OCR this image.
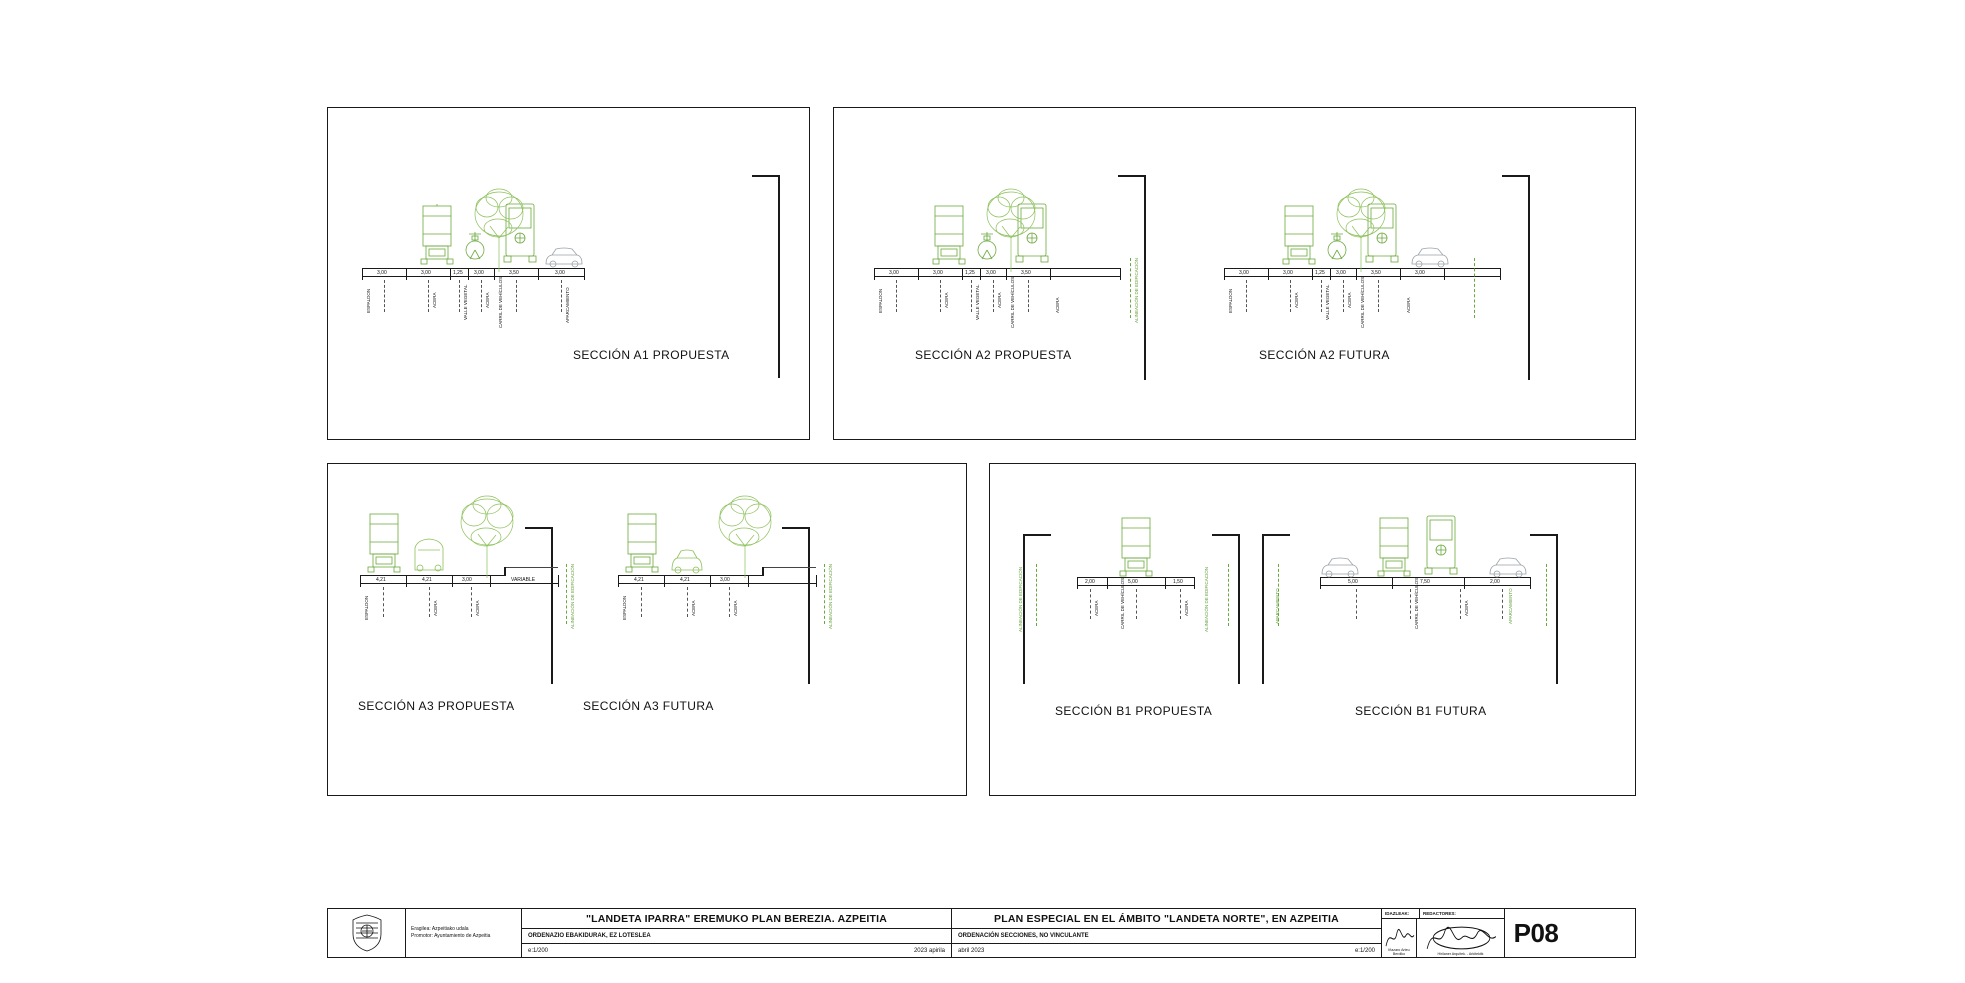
3,00	3,00	1,25 3,00	3,50	3,00
ESPALDON	ACERA	VALLE VEGETAL	ACERA CARRIL DE VEHÍCULOS	APARCAMIENTO
SECCIÓN A1 PROPUESTA
3,00	3,00	1,25 3,00	3,50
ESPALDON	ACERA	VALLE VEGETAL	ACERA CARRIL DE VEHÍCULOS	ACERA	ALINEACIÓN DE EDIFICACIÓN
SECCIÓN A2 PROPUESTA
3,00	3,00	1,25 3,00	3,50	3,00
ESPALDON	ACERA	VALLE VEGETAL	ACERA CARRIL DE VEHÍCULOS	ACERA
SECCIÓN A2 FUTURA
4,21	4,21	3,00	VARIABLE
ESPALDON	ACERA	ACERA	ALINEACIÓN DE EDIFICACIÓN
SECCIÓN A3 PROPUESTA
4,21	4,21	3,00
ESPALDON	ACERA	ACERA	ALINEACIÓN DE EDIFICACIÓN
SECCIÓN A3 FUTURA
2,00	5,00	1,50
ALINEACIÓN DE EDIFICACIÓN	ACERA	CARRIL DE VEHÍCULOS	ACERA	ALINEACIÓN DE EDIFICACIÓN
SECCIÓN B1 PROPUESTA
5,00	7,50	2,00
APARCAMIENTO	CARRIL DE VEHÍCULOS	ACERA	APARCAMIENTO
SECCIÓN B1 FUTURA
Eragilea: Azpeitiako udala
Promotor: Ayuntamiento de Azpeitia
"LANDETA IPARRA" EREMUKO PLAN BEREZIA. AZPEITIA
ORDENAZIO EBAKIDURAK, EZ LOTESLEA
e:1/200	2023 apirila
PLAN ESPECIAL EN EL ÁMBITO "LANDETA NORTE", EN AZPEITIA
ORDENACIÓN SECCIONES, NO VINCULANTE
abril 2023	e:1/200
IDAZLEAK:	REDACTORES:
Iñazaro Arteu Berdiko	Hirilaner Arquitek. - Arkitektik
P08
